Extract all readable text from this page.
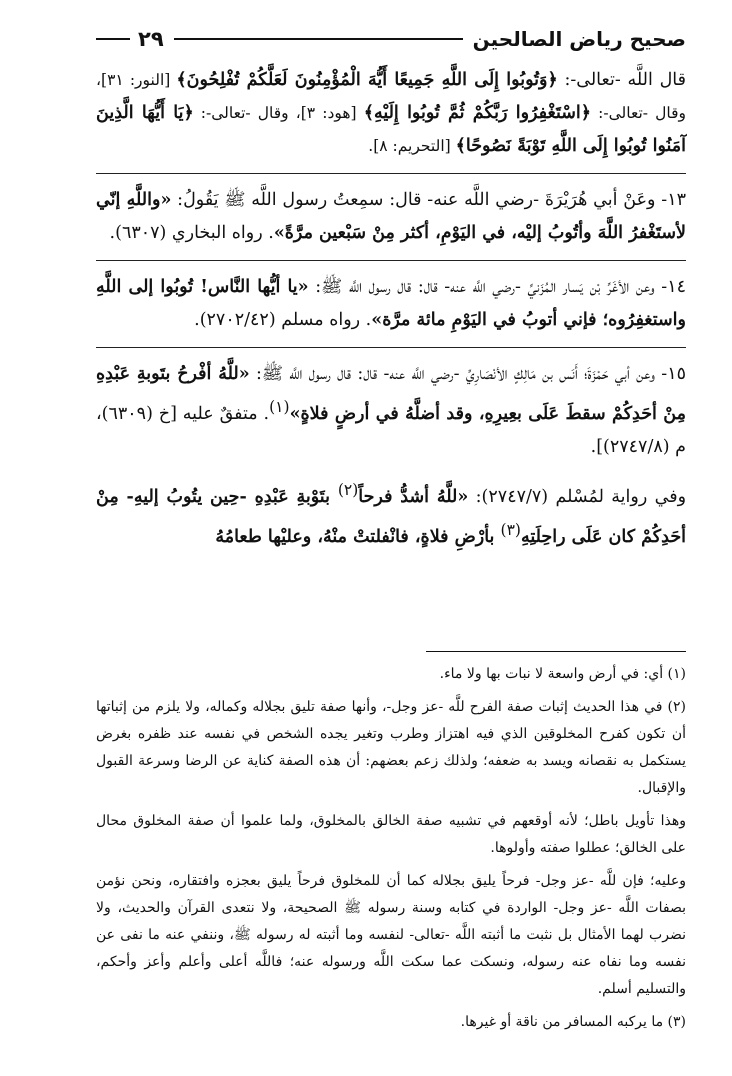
صحيح رياض الصالحين
٢٩

قال اللَّه -تعالى-: ﴿وَتُوبُوا إِلَى اللَّهِ جَمِيعًا أَيُّهَ الْمُؤْمِنُونَ لَعَلَّكُمْ تُفْلِحُونَ﴾ [النور: ٣١]، وقال -تعالى-: ﴿اسْتَغْفِرُوا رَبَّكُمْ ثُمَّ تُوبُوا إِلَيْهِ﴾ [هود: ٣]، وقال -تعالى-: ﴿يَا أَيُّهَا الَّذِينَ آمَنُوا تُوبُوا إِلَى اللَّهِ تَوْبَةً نَصُوحًا﴾ [التحريم: ٨].

١٣- وعَنْ أبي هُرَيْرَةَ -رضي اللَّه عنه- قال: سمِعتُ رسول اللَّه ﷺ يَقُولُ: «واللَّهِ إنّي لأستَغْفرُ اللَّهَ وأتُوبُ إليْه، في اليَوْمِ، أكثر مِنْ سَبْعين مرَّةً». رواه البخاري (٦٣٠٧).

١٤- وعن الأغَرِّ بْن يَسار المُزَنيِّ -رضي اللَّه عنه- قال: قال رسول اللَّه ﷺ: «يا أيُّها النَّاس! تُوبُوا إلى اللَّهِ واستغفِرُوه؛ فإني أتوبُ في اليَوْمِ مائة مرَّة». رواه مسلم (٢٧٠٢/٤٢).

١٥- وعن أبي حَمْزَةَ؛ أَنَس بن مَالِكٍ الأنْصَارِيِّ -رضي اللَّه عنه- قال: قال رسول اللَّه ﷺ: «للَّهُ أفْرحُ بتَوبةِ عَبْدِهِ مِنْ أحَدِكُمْ سقطَ عَلَى بعِيرِهِ، وقد أضلَّهُ في أرضٍ فلاةٍ»$^{(١)}$. متفقٌ عليه [خ (٦٣٠٩)، م (٢٧٤٧/٨)].

وفي رواية لمُسْلم (٢٧٤٧/٧): «للَّهُ أشدُّ فرحاً$^{(٢)}$ بتَوْبةِ عَبْدِهِ -حِين يتُوبُ إليهِ- مِنْ أحَدِكُمْ كان عَلَى راحِلَتِهِ$^{(٣)}$ بأرْضِ فلاةٍ، فانْفلتتْ منْهُ، وعليْها طعامُهُ

(١) أي: في أرض واسعة لا نبات بها ولا ماء.

(٢) في هذا الحديث إثبات صفة الفرح للَّه -عز وجل-، وأنها صفة تليق بجلاله وكماله، ولا يلزم من إثباتها أن تكون كفرح المخلوقين الذي فيه اهتزاز وطرب وتغير يجده الشخص في نفسه عند ظفره بغرض يستكمل به نقصانه ويسد به ضعفه؛ ولذلك زعم بعضهم: أن هذه الصفة كناية عن الرضا وسرعة القبول والإقبال.

وهذا تأويل باطل؛ لأنه أوقعهم في تشبيه صفة الخالق بالمخلوق، ولما علموا أن صفة المخلوق محال على الخالق؛ عطلوا صفته وأولوها.

وعليه؛ فإن للَّه -عز وجل- فرحاً يليق بجلاله كما أن للمخلوق فرحاً يليق بعجزه وافتقاره، ونحن نؤمن بصفات اللَّه -عز وجل- الواردة في كتابه وسنة رسوله ﷺ الصحيحة، ولا نتعدى القرآن والحديث، ولا نضرب لهما الأمثال بل نثبت ما أثبته اللَّه -تعالى- لنفسه وما أثبته له رسوله ﷺ، وننفي عنه ما نفى عن نفسه وما نفاه عنه رسوله، ونسكت عما سكت اللَّه ورسوله عنه؛ فاللَّه أعلى وأعلم وأعز وأحكم، والتسليم أسلم.

(٣) ما يركبه المسافر من ناقة أو غيرها.
